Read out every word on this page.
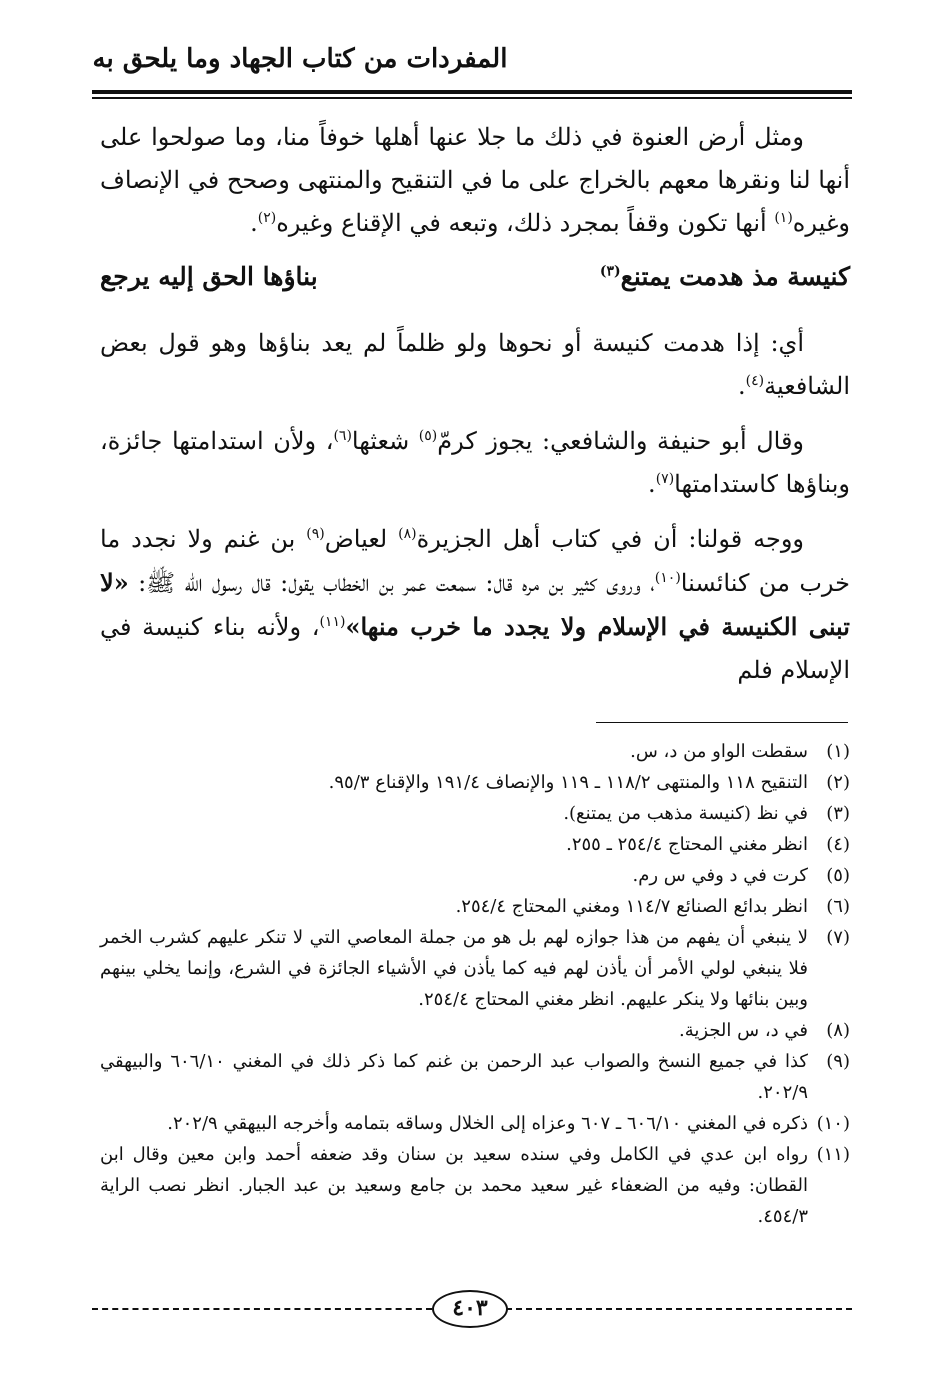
المفردات من كتاب الجهاد وما يلحق به

ومثل أرض العنوة في ذلك ما جلا عنها أهلها خوفاً منا، وما صولحوا على أنها لنا ونقرها معهم بالخراج على ما في التنقيح والمنتهى وصحح في الإنصاف وغيره$^{(١)}$ أنها تكون وقفاً بمجرد ذلك، وتبعه في الإقناع وغيره$^{(٢)}$.

كنيسة مذ هدمت يمتنع$^{(٣)}$
بناؤها الحق إليه يرجع

أي: إذا هدمت كنيسة أو نحوها ولو ظلماً لم يعد بناؤها وهو قول بعض الشافعية$^{(٤)}$.

وقال أبو حنيفة والشافعي: يجوز كرمّ$^{(٥)}$ شعثها$^{(٦)}$، ولأن استدامتها جائزة، وبناؤها كاستدامتها$^{(٧)}$.

ووجه قولنا: أن في كتاب أهل الجزيرة$^{(٨)}$ لعياض$^{(٩)}$ بن غنم ولا نجدد ما خرب من كنائسنا$^{(١٠)}$، وروى كثير بن مره قال: سمعت عمر بن الخطاب يقول: قال رسول الله ﷺ: «لا تبنى الكنيسة في الإسلام ولا يجدد ما خرب منها»$^{(١١)}$، ولأنه بناء كنيسة في الإسلام فلم

(١)
سقطت الواو من د، س.
(٢)
التنقيح ١١٨ والمنتهى ١١٨/٢ ـ ١١٩ والإنصاف ١٩١/٤ والإقناع ٩٥/٣.
(٣)
في نظ (كنيسة مذهب من يمتنع).
(٤)
انظر مغني المحتاج ٢٥٤/٤ ـ ٢٥٥.
(٥)
كرت في د وفي س رم.
(٦)
انظر بدائع الصنائع ١١٤/٧ ومغني المحتاج ٢٥٤/٤.
(٧)
لا ينبغي أن يفهم من هذا جوازه لهم بل هو من جملة المعاصي التي لا تنكر عليهم كشرب الخمر فلا ينبغي لولي الأمر أن يأذن لهم فيه كما يأذن في الأشياء الجائزة في الشرع، وإنما يخلي بينهم وبين بنائها ولا ينكر عليهم. انظر مغني المحتاج ٢٥٤/٤.
(٨)
في د، س الجزية.
(٩)
كذا في جميع النسخ والصواب عبد الرحمن بن غنم كما ذكر ذلك في المغني ٦٠٦/١٠ والبيهقي ٢٠٢/٩.
(١٠)
ذكره في المغني ٦٠٦/١٠ ـ ٦٠٧ وعزاه إلى الخلال وساقه بتمامه وأخرجه البيهقي ٢٠٢/٩.
(١١)
رواه ابن عدي في الكامل وفي سنده سعيد بن سنان وقد ضعفه أحمد وابن معين وقال ابن القطان: وفيه من الضعفاء غير سعيد محمد بن جامع وسعيد بن عبد الجبار. انظر نصب الراية ٤٥٤/٣.
٤٠٣
